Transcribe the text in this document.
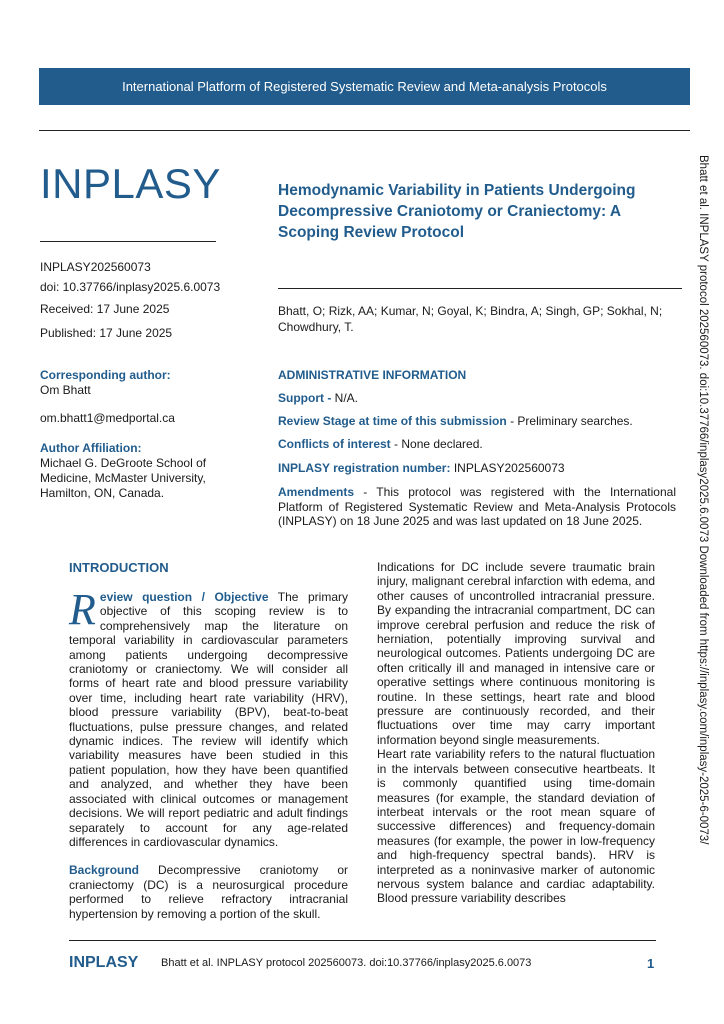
International Platform of Registered Systematic Review and Meta-analysis Protocols
INPLASY	Hemodynamic Variability in Patients Undergoing Decompressive Craniotomy or Craniectomy: A Scoping Review Protocol
Bhatt, O; Rizk, AA; Kumar, N; Goyal, K; Bindra, A; Singh, GP; Sokhal, N; Chowdhury, T.
INPLASY202560073
doi: 10.37766/inplasy2025.6.0073
Received: 17 June 2025
Published: 17 June 2025
Corresponding author:
Om Bhatt
om.bhatt1@medportal.ca
Author Affiliation:
Michael G. DeGroote School of Medicine, McMaster University, Hamilton, ON, Canada.
ADMINISTRATIVE INFORMATION
Support - N/A.
Review Stage at time of this submission - Preliminary searches.
Conflicts of interest - None declared.
INPLASY registration number: INPLASY202560073
Amendments - This protocol was registered with the International Platform of Registered Systematic Review and Meta-Analysis Protocols (INPLASY) on 18 June 2025 and was last updated on 18 June 2025.
INTRODUCTION

Review question / Objective The primary objective of this scoping review is to comprehensively map the literature on temporal variability in cardiovascular parameters among patients undergoing decompressive craniotomy or craniectomy. We will consider all forms of heart rate and blood pressure variability over time, including heart rate variability (HRV), blood pressure variability (BPV), beat-to-beat fluctuations, pulse pressure changes, and related dynamic indices. The review will identify which variability measures have been studied in this patient population, how they have been quantified and analyzed, and whether they have been associated with clinical outcomes or management decisions. We will report pediatric and adult findings separately to account for any age-related differences in cardiovascular dynamics.

Background Decompressive craniotomy or craniectomy (DC) is a neurosurgical procedure performed to relieve refractory intracranial hypertension by removing a portion of the skull.

Indications for DC include severe traumatic brain injury, malignant cerebral infarction with edema, and other causes of uncontrolled intracranial pressure. By expanding the intracranial compartment, DC can improve cerebral perfusion and reduce the risk of herniation, potentially improving survival and neurological outcomes. Patients undergoing DC are often critically ill and managed in intensive care or operative settings where continuous monitoring is routine. In these settings, heart rate and blood pressure are continuously recorded, and their fluctuations over time may carry important information beyond single measurements.

Heart rate variability refers to the natural fluctuation in the intervals between consecutive heartbeats. It is commonly quantified using time-domain measures (for example, the standard deviation of interbeat intervals or the root mean square of successive differences) and frequency-domain measures (for example, the power in low-frequency and high-frequency spectral bands). HRV is interpreted as a noninvasive marker of autonomic nervous system balance and cardiac adaptability. Blood pressure variability describes

Bhatt et al. INPLASY protocol 202560073. doi:10.37766/inplasy2025.6.0073 Downloaded from https://inplasy.com/inplasy-2025-6-0073/
INPLASY Bhatt et al. INPLASY protocol 202560073. doi:10.37766/inplasy2025.6.0073	1
